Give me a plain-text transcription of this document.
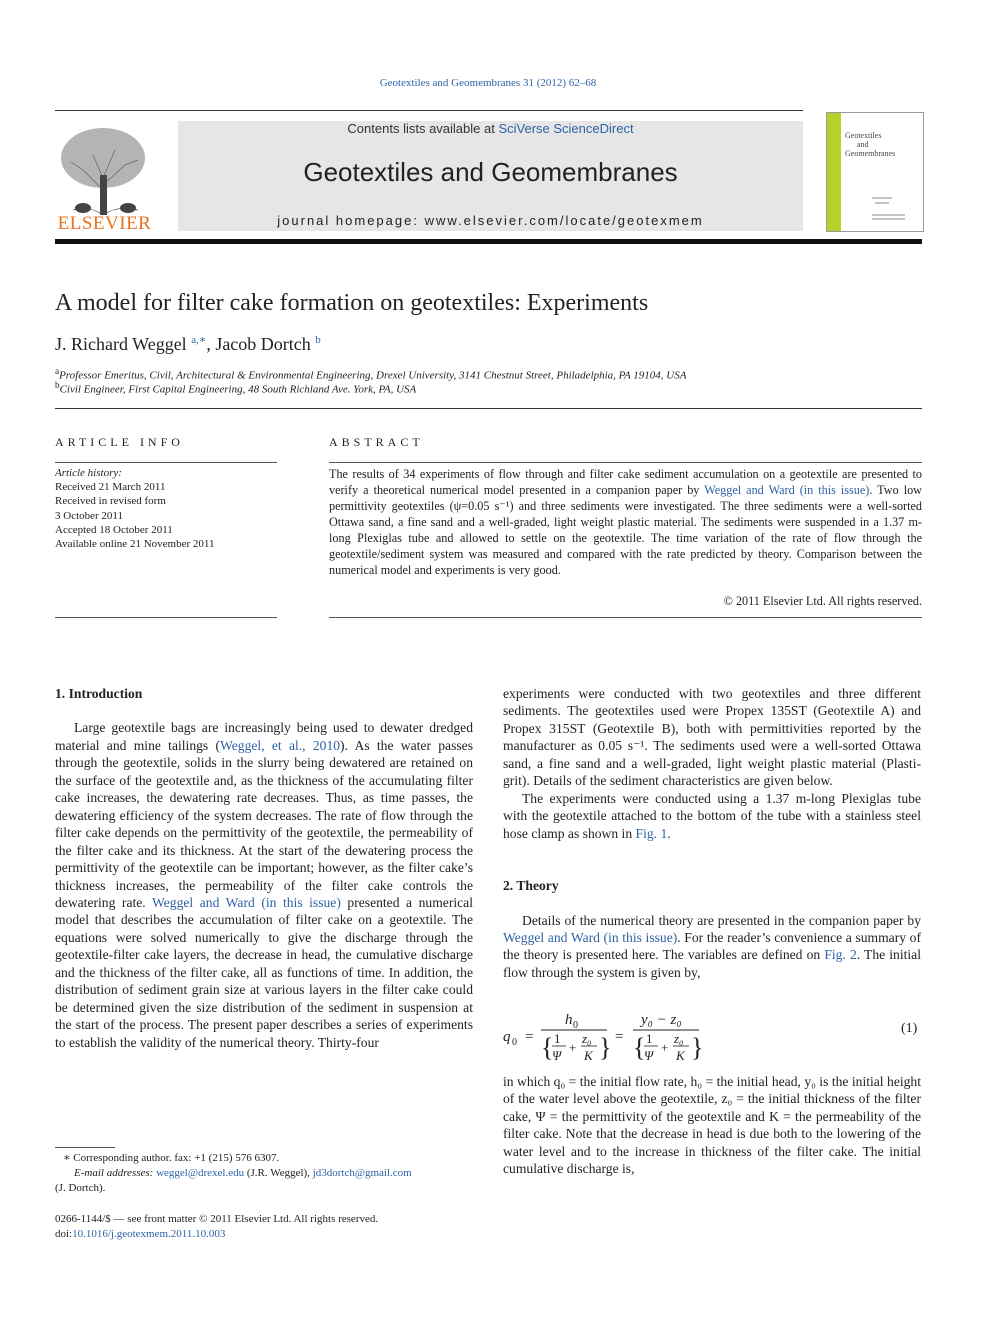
Geotextiles and Geomembranes 31 (2012) 62–68
ELSEVIER
Contents lists available at SciVerse ScienceDirect
Geotextiles and Geomembranes
journal homepage: www.elsevier.com/locate/geotexmem
Geotextiles
and
Geomembranes
A model for filter cake formation on geotextiles: Experiments
J. Richard Weggel $^{a,∗}$, Jacob Dortch $^b$
$^a$Professor Emeritus, Civil, Architectural & Environmental Engineering, Drexel University, 3141 Chestnut Street, Philadelphia, PA 19104, USA
$^b$Civil Engineer, First Capital Engineering, 48 South Richland Ave. York, PA, USA
ARTICLE INFO
Article history:
Received 21 March 2011
Received in revised form
3 October 2011
Accepted 18 October 2011
Available online 21 November 2011
ABSTRACT
The results of 34 experiments of flow through and filter cake sediment accumulation on a geotextile are presented to verify a theoretical numerical model presented in a companion paper by Weggel and Ward (in this issue). Two low permittivity geotextiles (ψ=0.05 s⁻¹) and three sediments were investigated. The three sediments were a well-sorted Ottawa sand, a fine sand and a well-graded, light weight plastic material. The sediments were suspended in a 1.37 m-long Plexiglas tube and allowed to settle on the geotextile. The time variation of the rate of flow through the geotextile/sediment system was measured and compared with the rate predicted by theory. Comparison between the numerical model and experiments is very good.
© 2011 Elsevier Ltd. All rights reserved.
1. Introduction

Large geotextile bags are increasingly being used to dewater dredged material and mine tailings (Weggel, et al., 2010). As the water passes through the geotextile, solids in the slurry being dewatered are retained on the surface of the geotextile and, as the thickness of the accumulating filter cake increases, the dewatering rate decreases. Thus, as time passes, the dewatering efficiency of the system decreases. The rate of flow through the filter cake depends on the permittivity of the geotextile, the permeability of the filter cake and its thickness. At the start of the dewatering process the permittivity of the geotextile can be important; however, as the filter cake’s thickness increases, the permeability of the filter cake controls the dewatering rate. Weggel and Ward (in this issue) presented a numerical model that describes the accumulation of filter cake on a geotextile. The equations were solved numerically to give the discharge through the geotextile-filter cake layers, the decrease in head, the cumulative discharge and the thickness of the filter cake, all as functions of time. In addition, the distribution of sediment grain size at various layers in the filter cake could be determined given the size distribution of the sediment in suspension at the start of the process. The present paper describes a series of experiments to establish the validity of the numerical theory. Thirty-four

∗ Corresponding author. fax: +1 (215) 576 6307.
E-mail addresses: weggel@drexel.edu (J.R. Weggel), jd3dortch@gmail.com
(J. Dortch).
0266-1144/$ — see front matter © 2011 Elsevier Ltd. All rights reserved.
doi:10.1016/j.geotexmem.2011.10.003

experiments were conducted with two geotextiles and three different sediments. The geotextiles used were Propex 135ST (Geotextile A) and Propex 315ST (Geotextile B), both with permittivities reported by the manufacturer as 0.05 s⁻¹. The sediments used were a well-sorted Ottawa sand, a fine sand and a well-graded, light weight plastic material (Plasti-grit). Details of the sediment characteristics are given below.

The experiments were conducted using a 1.37 m-long Plexiglas tube with the geotextile attached to the bottom of the tube with a stainless steel hose clamp as shown in Fig. 1.

2. Theory

Details of the numerical theory are presented in the companion paper by Weggel and Ward (in this issue). For the reader’s convenience a summary of the theory is presented here. The variables are defined on Fig. 2. The initial flow through the system is given by,

q 0 =
h 0
{ 1
Ψ
+
z₀
K } =
y₀ − z₀
{ 1
Ψ
+
z₀
K }
(1)
in which q₀ = the initial flow rate, h₀ = the initial head, y₀ is the initial height of the water level above the geotextile, z₀ = the initial thickness of the filter cake, Ψ = the permittivity of the geotextile and K = the permeability of the filter cake. Note that the decrease in head is due both to the lowering of the water level and to the increase in thickness of the filter cake. The initial cumulative discharge is,
